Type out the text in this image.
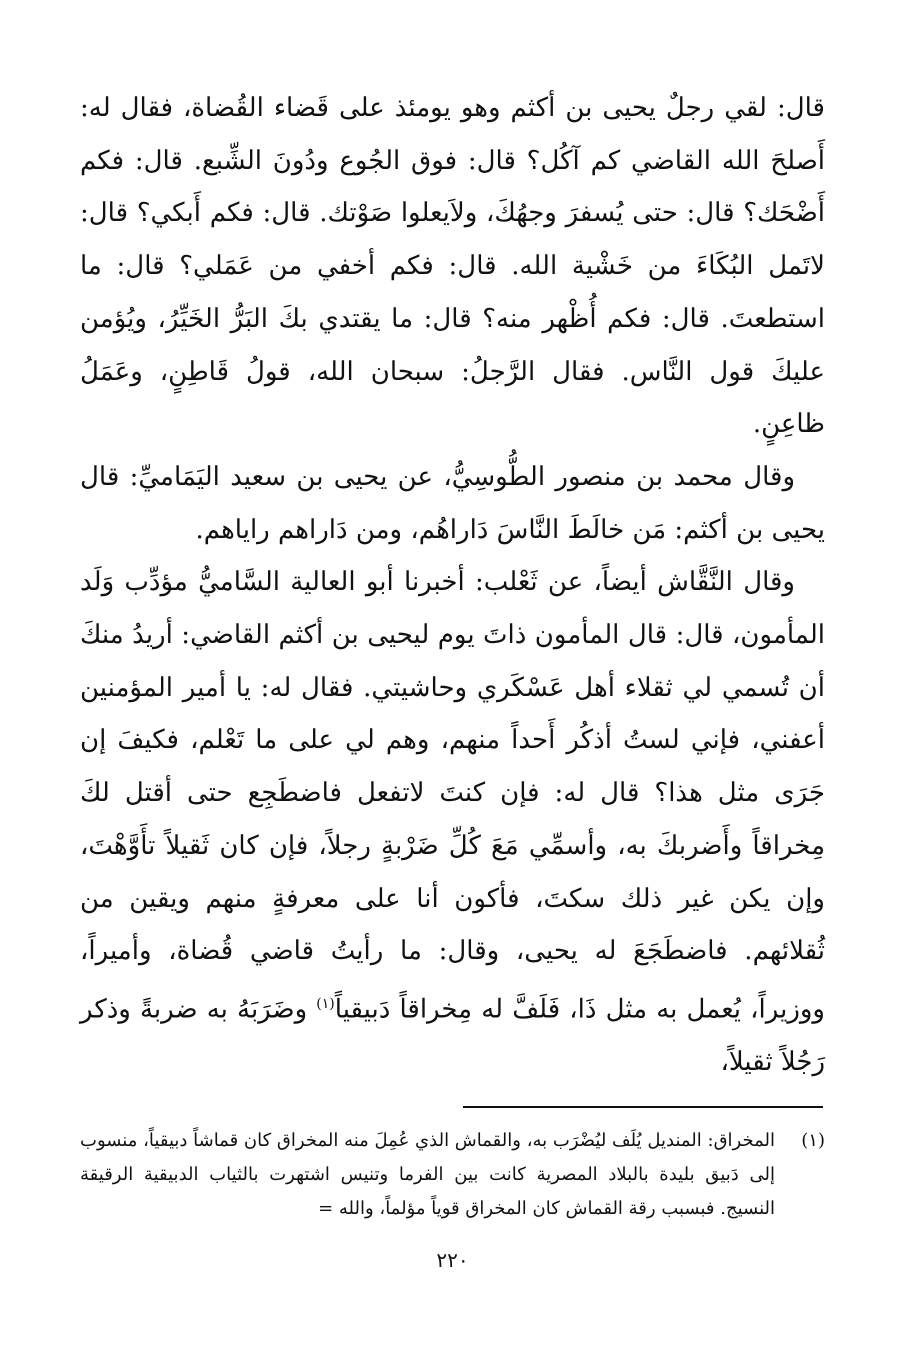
قال: لقي رجلٌ يحيى بن أكثم وهو يومئذ على قَضاء القُضاة، فقال له: أَصلحَ الله القاضي كم آكُل؟ قال: فوق الجُوع ودُونَ الشِّبع. قال: فكم أَضْحَك؟ قال: حتى يُسفرَ وجهُكَ، ولاَيعلوا صَوْتك. قال: فكم أَبكي؟ قال: لاتَمل البُكَاءَ من خَشْية الله. قال: فكم أخفي من عَمَلي؟ قال: ما استطعتَ. قال: فكم أُظْهر منه؟ قال: ما يقتدي بكَ البَرُّ الخَيِّرُ، ويُؤمن عليكَ قول النَّاس. فقال الرَّجلُ: سبحان الله، قولُ قَاطِنٍ، وعَمَلُ ظاعِنٍ.

وقال محمد بن منصور الطُّوسِيُّ، عن يحيى بن سعيد اليَمَاميِّ: قال يحيى بن أكثم: مَن خالَطَ النَّاسَ دَاراهُم، ومن دَاراهم راياهم.

وقال النَّقَّاش أيضاً، عن ثَعْلب: أخبرنا أبو العالية السَّاميُّ مؤدِّب وَلَد المأمون، قال: قال المأمون ذاتَ يوم ليحيى بن أكثم القاضي: أريدُ منكَ أن تُسمي لي ثقلاء أهل عَسْكَري وحاشيتي. فقال له: يا أمير المؤمنين أعفني، فإني لستُ أذكُر أَحداً منهم، وهم لي على ما تَعْلم، فكيفَ إن جَرَى مثل هذا؟ قال له: فإن كنتَ لاتفعل فاضطَجِع حتى أقتل لكَ مِخراقاً وأَضربكَ به، وأسمِّي مَعَ كُلِّ ضَرْبةٍ رجلاً، فإن كان ثَقيلاً تأَوَّهْتَ، وإن يكن غير ذلك سكتَ، فأكون أنا على معرفةٍ منهم ويقين من ثُقلائهم. فاضطَجَعَ له يحيى، وقال: ما رأيتُ قاضي قُضاة، وأميراً، ووزيراً، يُعمل به مثل ذَا، فَلَفَّ له مِخراقاً دَبيقياً$^{(١)}$ وضَرَبَهُ به ضربةً وذكر رَجُلاً ثقيلاً،

(١)
المخراق: المنديل يُلَف ليُضْرَب به، والقماش الذي عُمِلَ منه المخراق كان قماشاً دبيقياً، منسوب إلى دَبيق بليدة بالبلاد المصرية كانت بين الفرما وتنيس اشتهرت بالثياب الدبيقية الرقيقة النسيج. فبسبب رقة القماش كان المخراق قوياً مؤلماً، والله =
٢٢٠
